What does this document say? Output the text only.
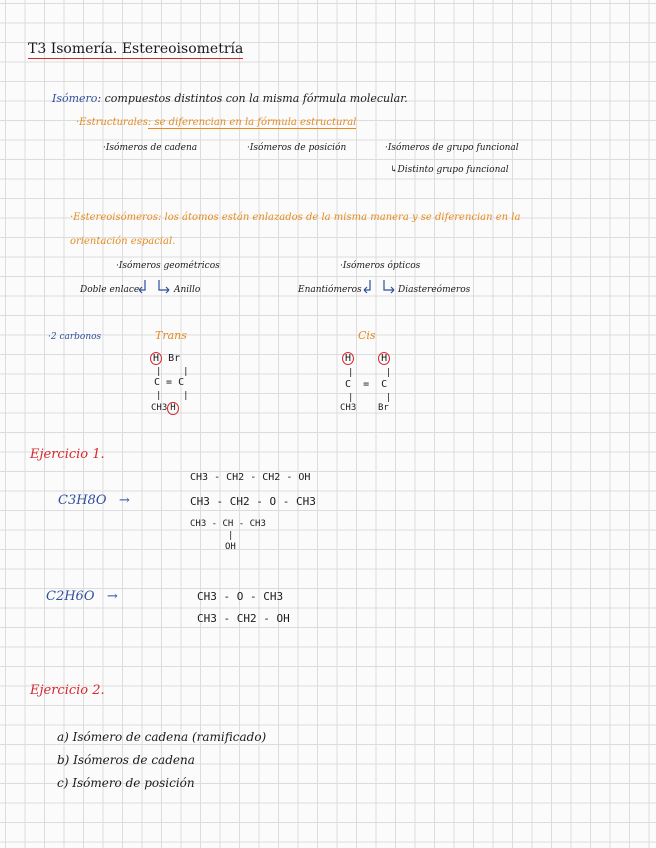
T3 Isomería. Estereoisometría
Isómero: compuestos distintos con la misma fórmula molecular.
·Estructurales: se diferencian en la fórmula estructural
·Isómeros de cadena	·Isómeros de posición	·Isómeros de grupo funcional
↳Distinto grupo funcional
·Estereoisómeros: los átomos están enlazados de la misma manera y se diferencian en la
orientación espacial.
·Isómeros geométricos	·Isómeros ópticos
Doble enlace	Anillo	Enantiómeros	Diastereómeros
·2 carbonos	Trans	Cis
H Br
|    |
C = C
|    |
CH3 H
H	H
|      |
C = C
|      |
CH3 Br
Ejercicio 1.
C3H8O →
CH3 - CH2 - CH2 - OH
CH3 - CH2 - O - CH3
CH3 - CH - CH3
|
OH
C2H6O →	CH3 - O - CH3
CH3 - CH2 - OH
Ejercicio 2.
a) Isómero de cadena (ramificado)
b) Isómeros de cadena
c) Isómero de posición
